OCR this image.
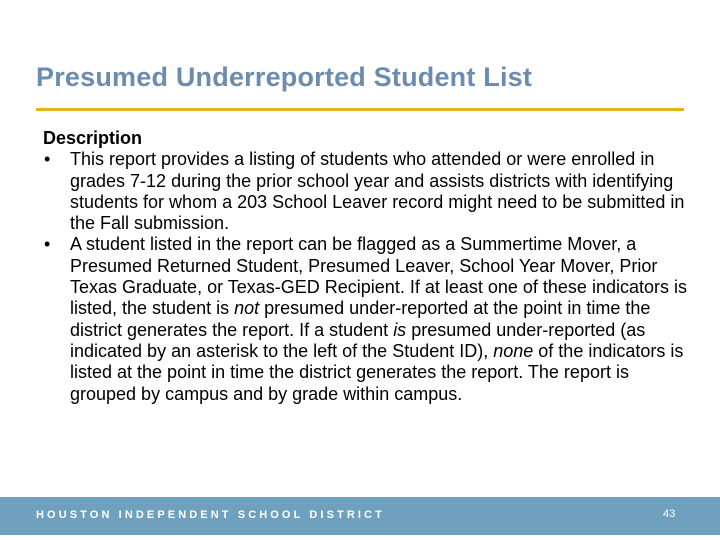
Presumed Underreported Student List
Description
• This report provides a listing of students who attended or were enrolled in grades 7-12 during the prior school year and assists districts with identifying students for whom a 203 School Leaver record might need to be submitted in the Fall submission.
• A student listed in the report can be flagged as a Summertime Mover, a Presumed Returned Student, Presumed Leaver, School Year Mover, Prior Texas Graduate, or Texas-GED Recipient. If at least one of these indicators is listed, the student is not presumed under-reported at the point in time the district generates the report. If a student is presumed under-reported (as indicated by an asterisk to the left of the Student ID), none of the indicators is listed at the point in time the district generates the report. The report is grouped by campus and by grade within campus.
HOUSTON INDEPENDENT SCHOOL DISTRICT	43
